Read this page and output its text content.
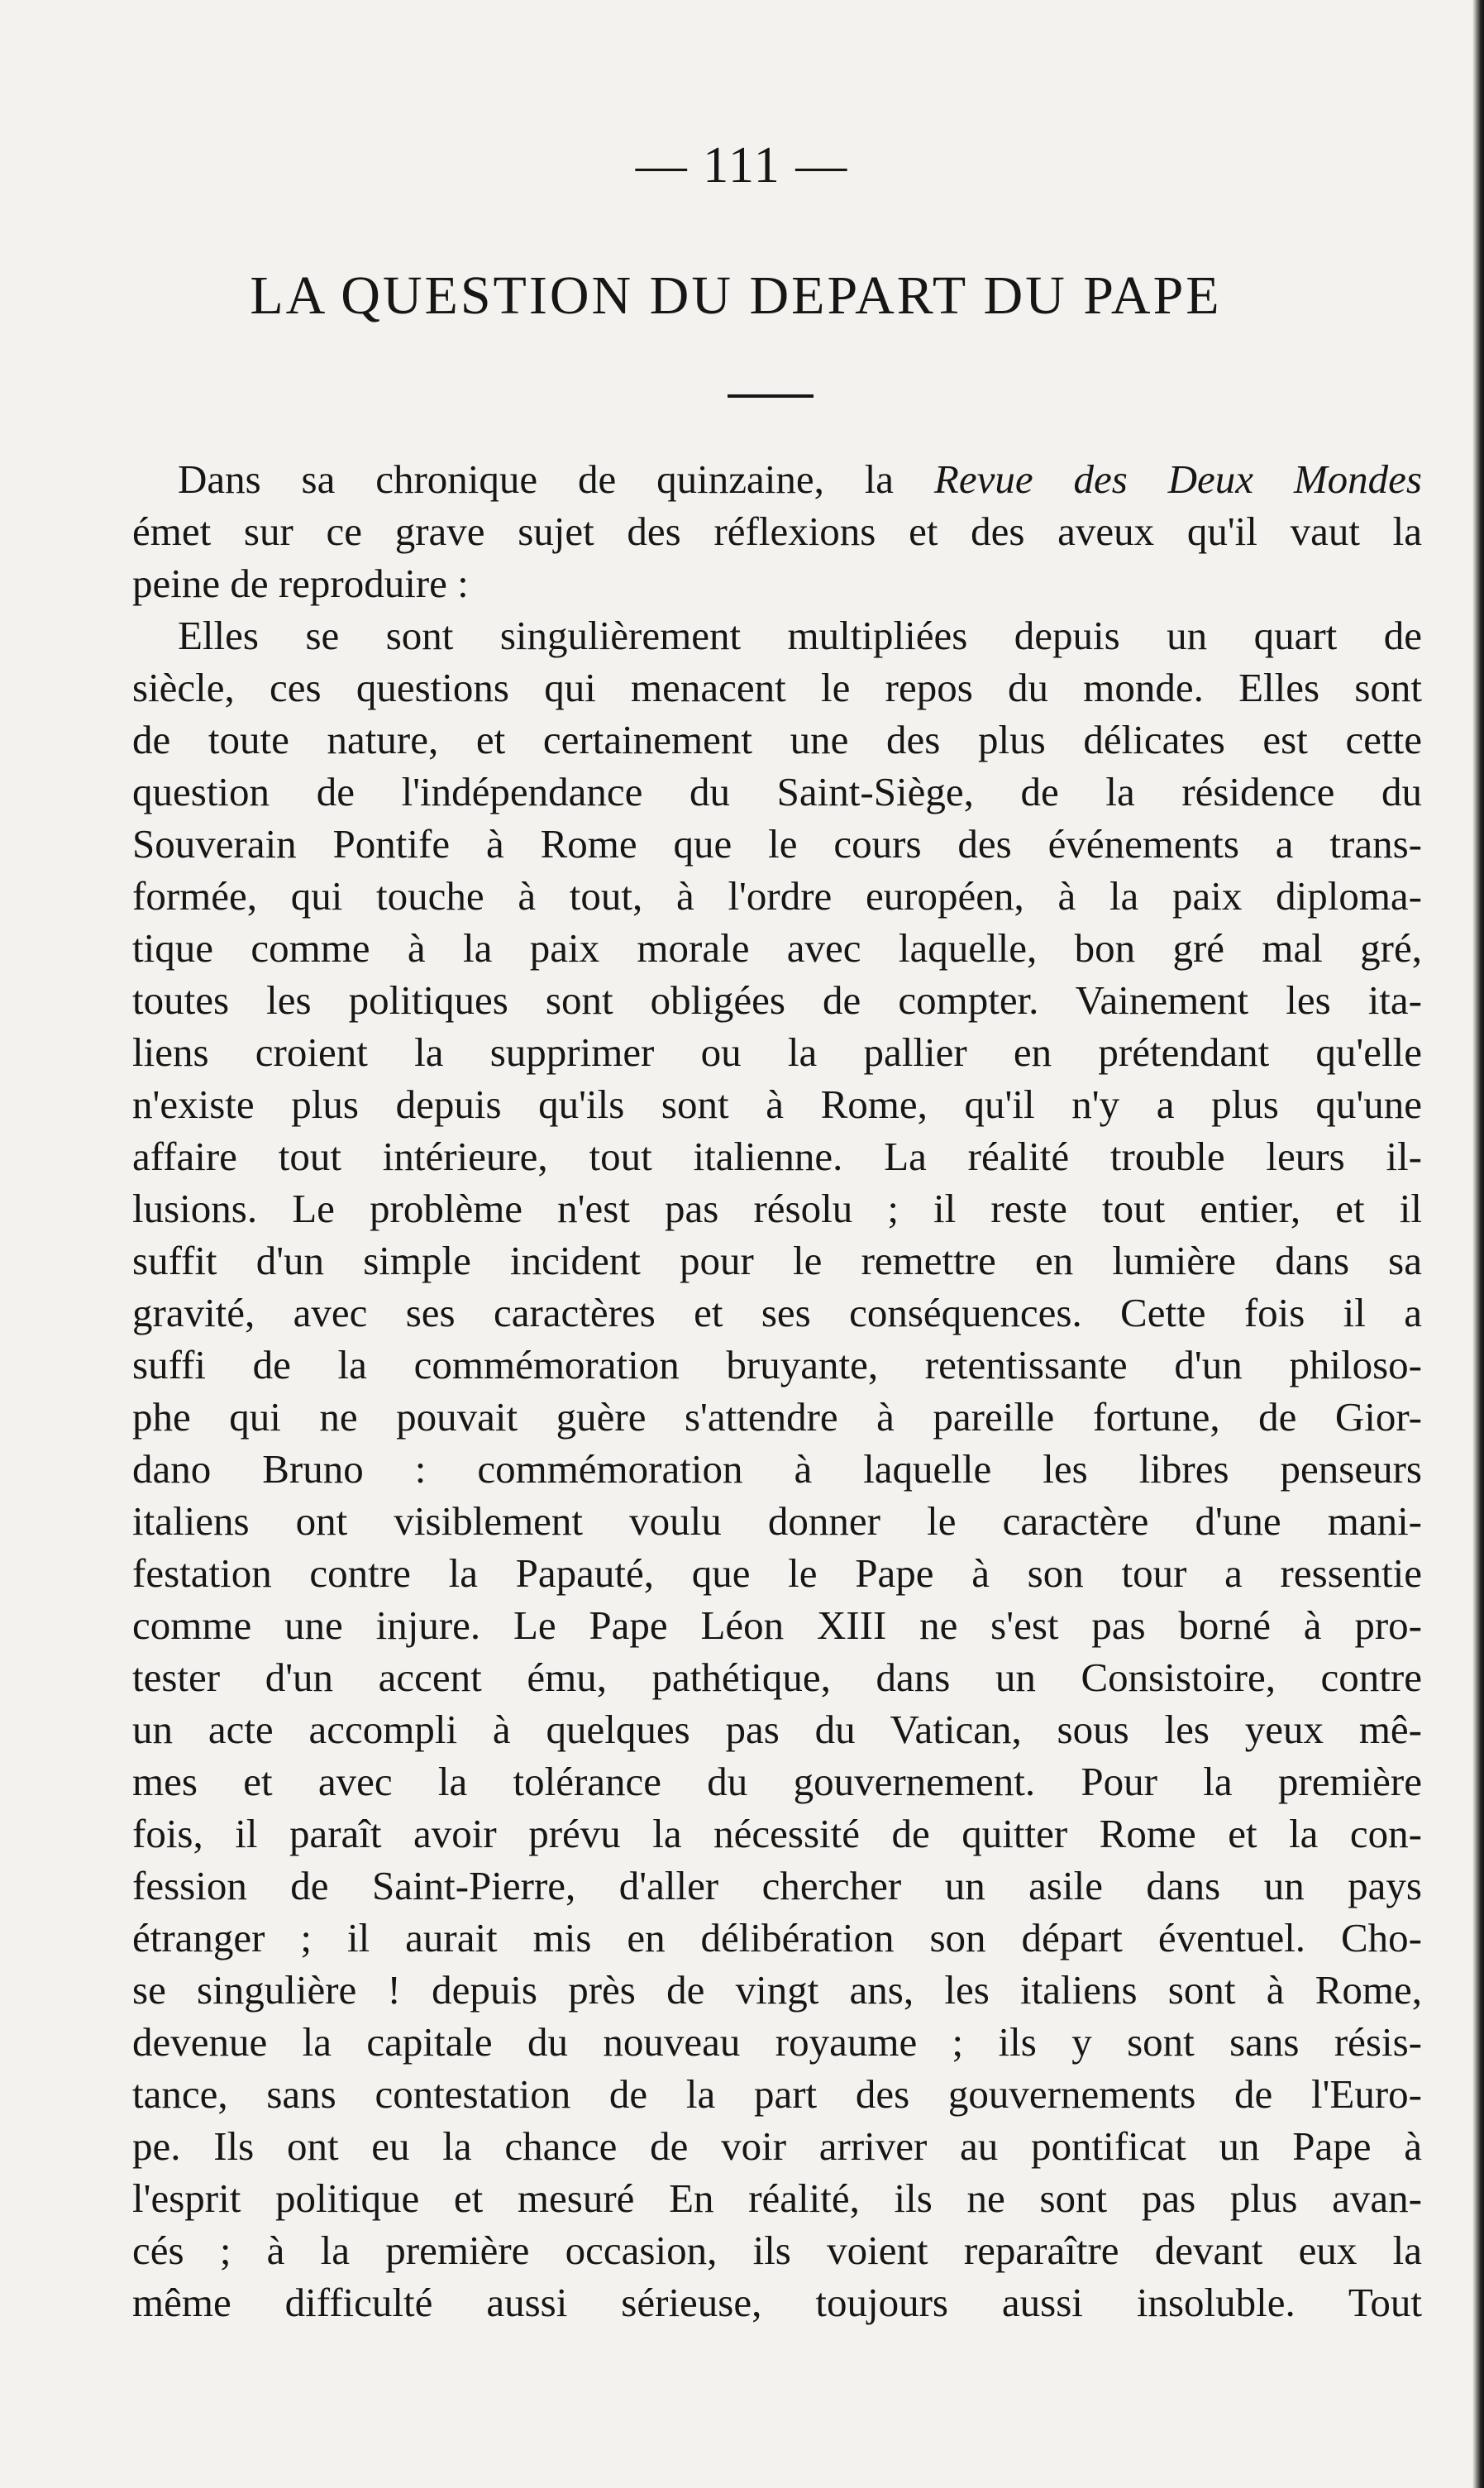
— 111 —
LA QUESTION DU DEPART DU PAPE
Dans sa chronique de quinzaine, la Revue des Deux Mondes
émet sur ce grave sujet des réflexions et des aveux qu'il vaut la
peine de reproduire :
Elles se sont singulièrement multipliées depuis un quart de
siècle, ces questions qui menacent le repos du monde. Elles sont
de toute nature, et certainement une des plus délicates est cette
question de l'indépendance du Saint-Siège, de la résidence du
Souverain Pontife à Rome que le cours des événements a trans-
formée, qui touche à tout, à l'ordre européen, à la paix diploma-
tique comme à la paix morale avec laquelle, bon gré mal gré,
toutes les politiques sont obligées de compter. Vainement les ita-
liens croient la supprimer ou la pallier en prétendant qu'elle
n'existe plus depuis qu'ils sont à Rome, qu'il n'y a plus qu'une
affaire tout intérieure, tout italienne. La réalité trouble leurs il-
lusions. Le problème n'est pas résolu ; il reste tout entier, et il
suffit d'un simple incident pour le remettre en lumière dans sa
gravité, avec ses caractères et ses conséquences. Cette fois il a
suffi de la commémoration bruyante, retentissante d'un philoso-
phe qui ne pouvait guère s'attendre à pareille fortune, de Gior-
dano Bruno : commémoration à laquelle les libres penseurs
italiens ont visiblement voulu donner le caractère d'une mani-
festation contre la Papauté, que le Pape à son tour a ressentie
comme une injure. Le Pape Léon XIII ne s'est pas borné à pro-
tester d'un accent ému, pathétique, dans un Consistoire, contre
un acte accompli à quelques pas du Vatican, sous les yeux mê-
mes et avec la tolérance du gouvernement. Pour la première
fois, il paraît avoir prévu la nécessité de quitter Rome et la con-
fession de Saint-Pierre, d'aller chercher un asile dans un pays
étranger ; il aurait mis en délibération son départ éventuel. Cho-
se singulière ! depuis près de vingt ans, les italiens sont à Rome,
devenue la capitale du nouveau royaume ; ils y sont sans résis-
tance, sans contestation de la part des gouvernements de l'Euro-
pe. Ils ont eu la chance de voir arriver au pontificat un Pape à
l'esprit politique et mesuré En réalité, ils ne sont pas plus avan-
cés ; à la première occasion, ils voient reparaître devant eux la
même difficulté aussi sérieuse, toujours aussi insoluble. Tout
